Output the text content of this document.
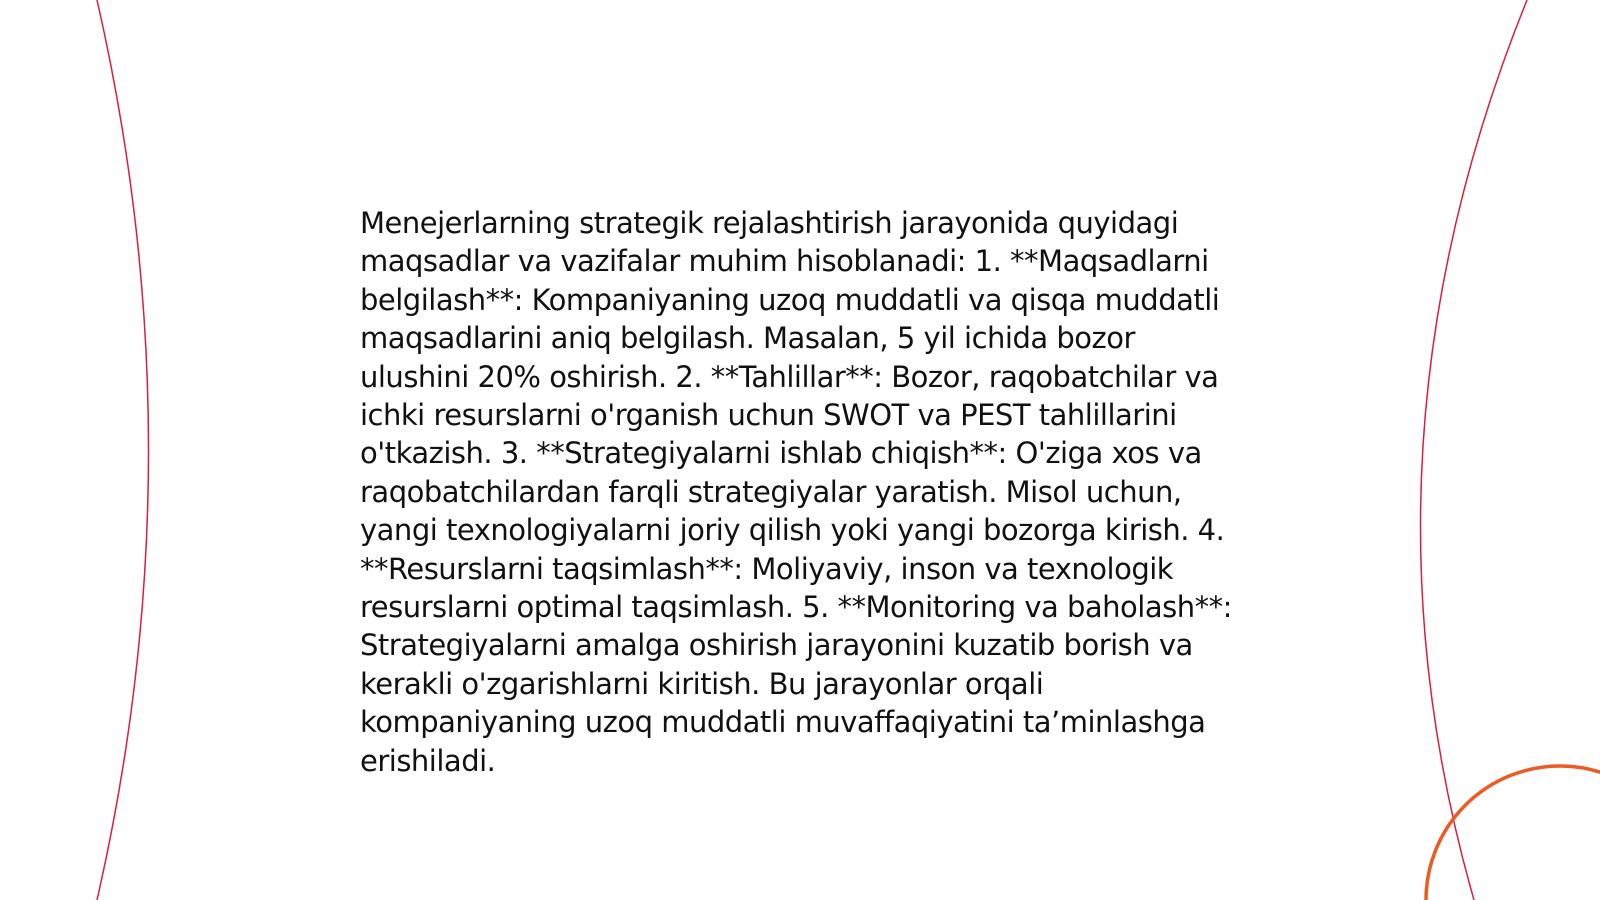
Menejerlarning strategik rejalashtirish jarayonida quyidagi maqsadlar va vazifalar muhim hisoblanadi: 1. **Maqsadlarni belgilash**: Kompaniyaning uzoq muddatli va qisqa muddatli maqsadlarini aniq belgilash. Masalan, 5 yil ichida bozor ulushini 20% oshirish. 2. **Tahlillar**: Bozor, raqobatchilar va ichki resurslarni o'rganish uchun SWOT va PEST tahlillarini o'tkazish. 3. **Strategiyalarni ishlab chiqish**: O'ziga xos va raqobatchilardan farqli strategiyalar yaratish. Misol uchun, yangi texnologiyalarni joriy qilish yoki yangi bozorga kirish. 4. **Resurslarni taqsimlash**: Moliyaviy, inson va texnologik resurslarni optimal taqsimlash. 5. **Monitoring va baholash**: Strategiyalarni amalga oshirish jarayonini kuzatib borish va kerakli o'zgarishlarni kiritish. Bu jarayonlar orqali kompaniyaning uzoq muddatli muvaffaqiyatini ta’minlashga erishiladi.
